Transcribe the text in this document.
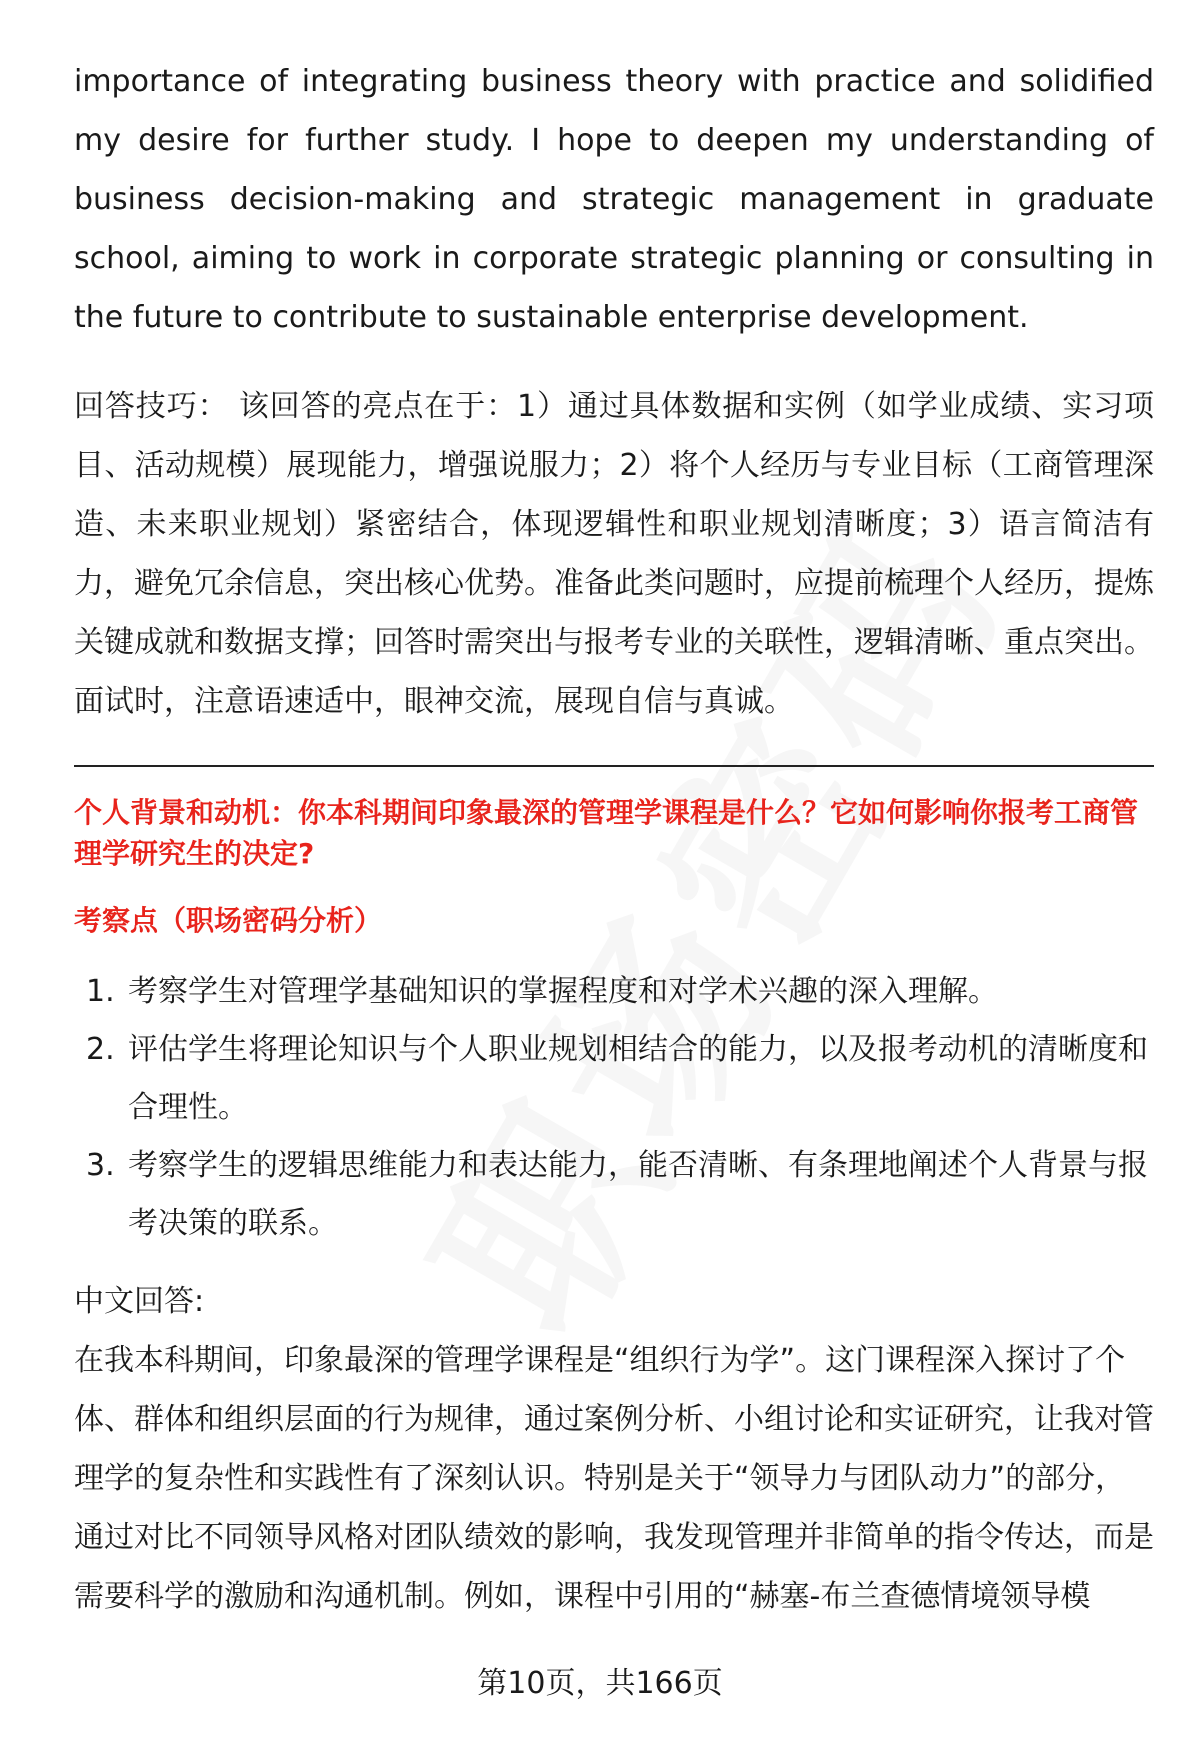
importance of integrating business theory with practice and solidified my desire for further study. I hope to deepen my understanding of business decision-making and strategic management in graduate school, aiming to work in corporate strategic planning or consulting in the future to contribute to sustainable enterprise development.

回答技巧： 该回答的亮点在于：1）通过具体数据和实例（如学业成绩、实习项目、活动规模）展现能力，增强说服力；2）将个人经历与专业目标（工商管理深造、未来职业规划）紧密结合，体现逻辑性和职业规划清晰度；3）语言简洁有力，避免冗余信息，突出核心优势。准备此类问题时，应提前梳理个人经历，提炼关键成就和数据支撑；回答时需突出与报考专业的关联性，逻辑清晰、重点突出。面试时，注意语速适中，眼神交流，展现自信与真诚。

个人背景和动机：你本科期间印象最深的管理学课程是什么？它如何影响你报考工商管理学研究生的决定?
考察点（职场密码分析）
1. 考察学生对管理学基础知识的掌握程度和对学术兴趣的深入理解。
2. 评估学生将理论知识与个人职业规划相结合的能力，以及报考动机的清晰度和合理性。
3. 考察学生的逻辑思维能力和表达能力，能否清晰、有条理地阐述个人背景与报考决策的联系。

中文回答:

在我本科期间，印象最深的管理学课程是“组织行为学”。这门课程深入探讨了个体、群体和组织层面的行为规律，通过案例分析、小组讨论和实证研究，让我对管理学的复杂性和实践性有了深刻认识。特别是关于“领导力与团队动力”的部分，通过对比不同领导风格对团队绩效的影响，我发现管理并非简单的指令传达，而是需要科学的激励和沟通机制。例如，课程中引用的“赫塞-布兰查德情境领导模

第10页，共166页
